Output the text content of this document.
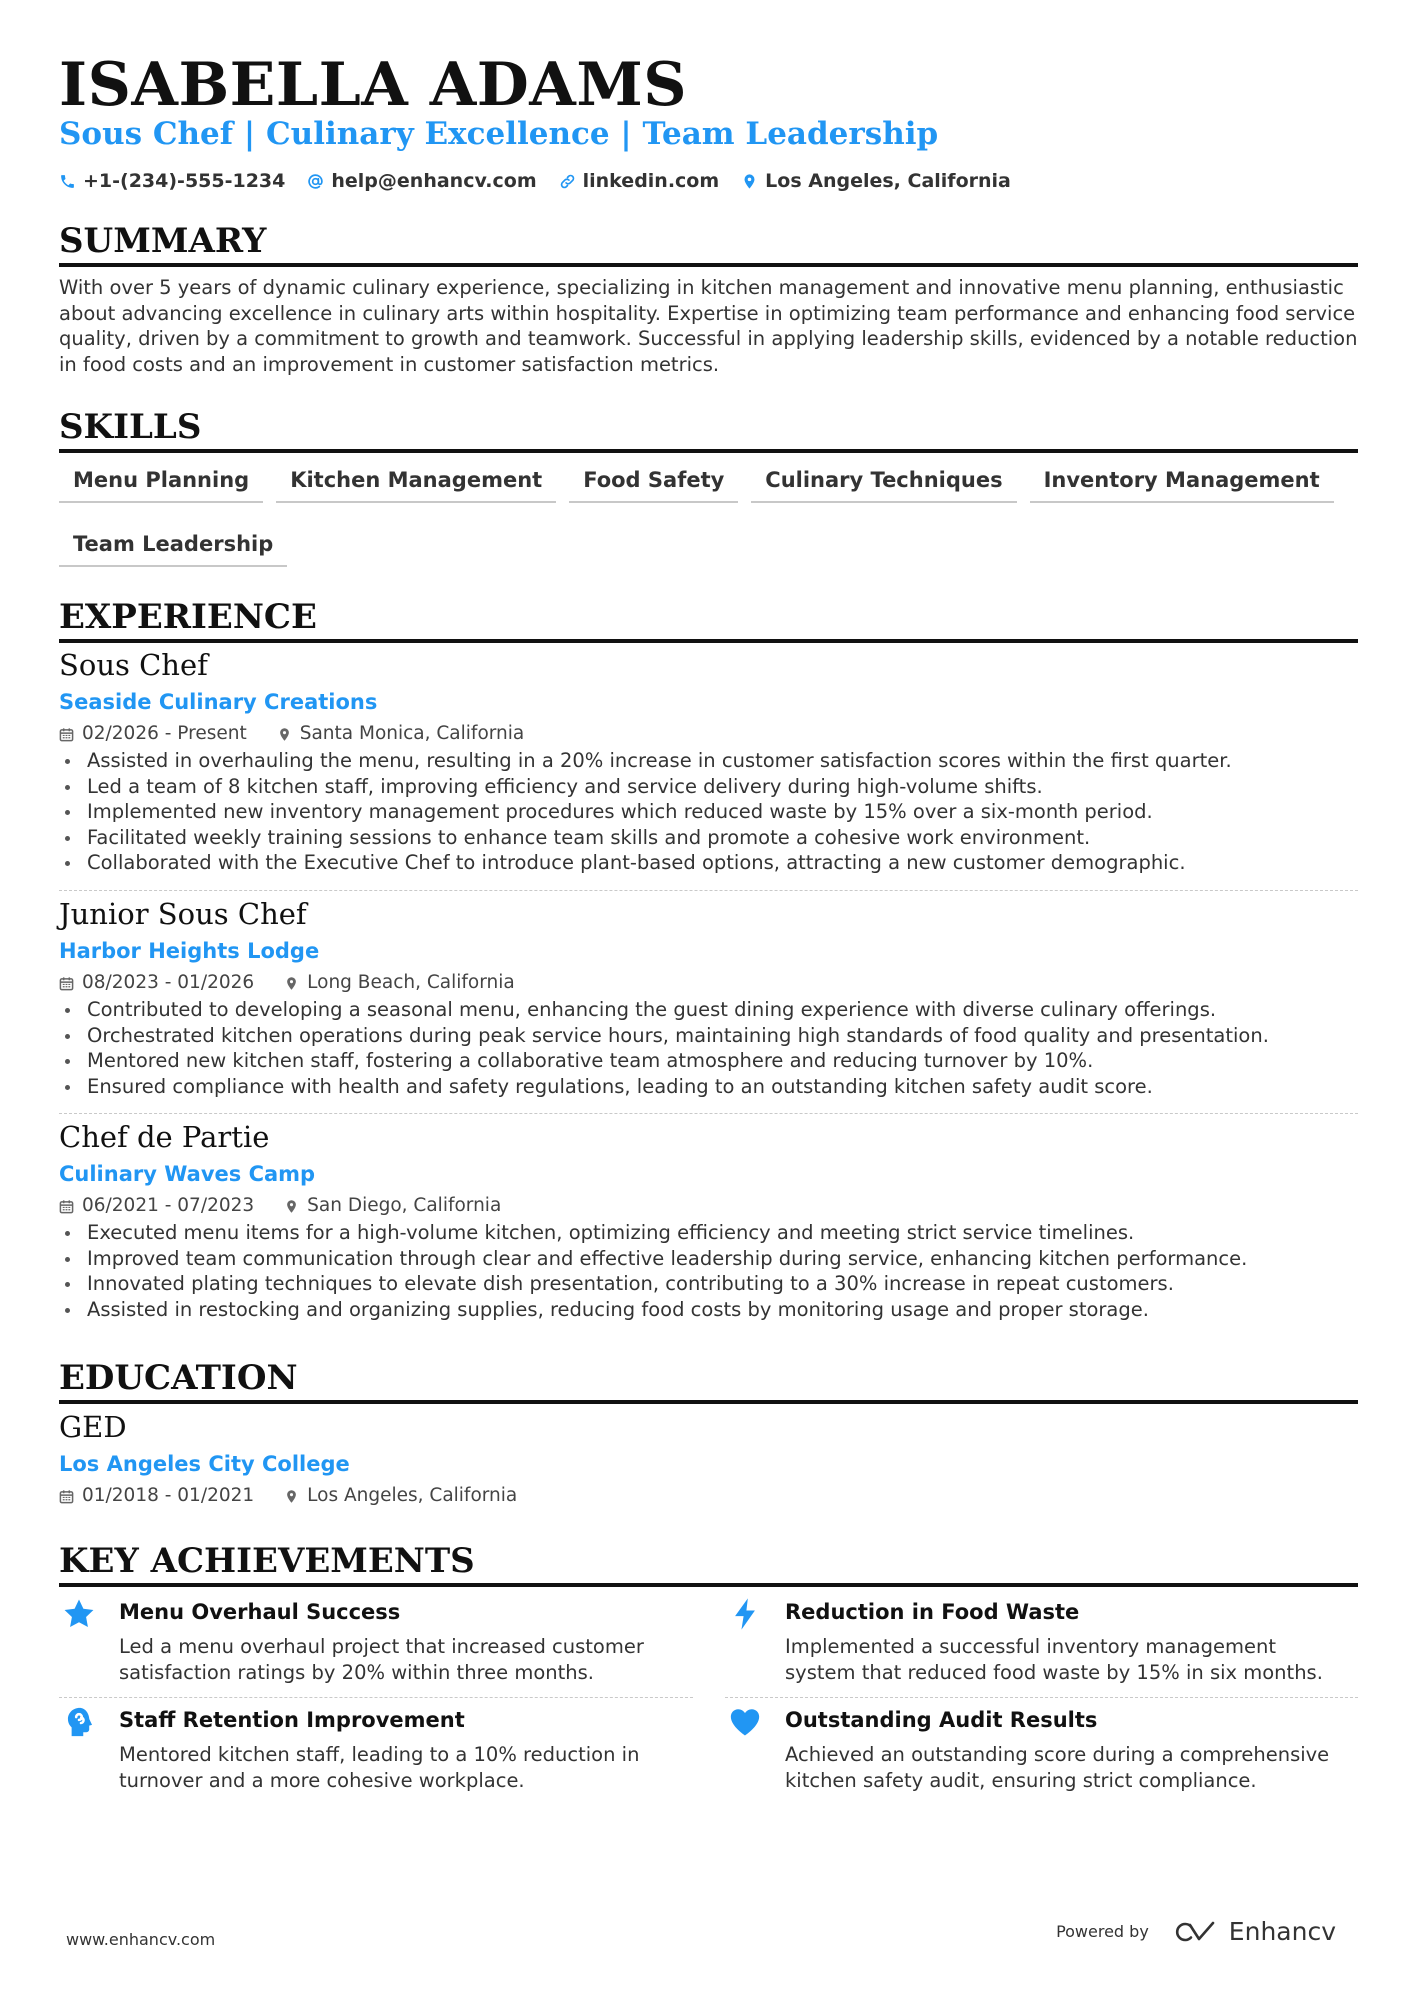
ISABELLA ADAMS
Sous Chef | Culinary Excellence | Team Leadership
+1-(234)-555-1234 help@enhancv.com linkedin.com Los Angeles, California
SUMMARY
With over 5 years of dynamic culinary experience, specializing in kitchen management and innovative menu planning, enthusiastic about advancing excellence in culinary arts within hospitality. Expertise in optimizing team performance and enhancing food service quality, driven by a commitment to growth and teamwork. Successful in applying leadership skills, evidenced by a notable reduction in food costs and an improvement in customer satisfaction metrics.
SKILLS
Menu Planning	Kitchen Management	Food Safety	Culinary Techniques	Inventory Management
Team Leadership
EXPERIENCE
Sous Chef
Seaside Culinary Creations
02/2026 - Present	Santa Monica, California
Assisted in overhauling the menu, resulting in a 20% increase in customer satisfaction scores within the first quarter.
Led a team of 8 kitchen staff, improving efficiency and service delivery during high-volume shifts.
Implemented new inventory management procedures which reduced waste by 15% over a six-month period.
Facilitated weekly training sessions to enhance team skills and promote a cohesive work environment.
Collaborated with the Executive Chef to introduce plant-based options, attracting a new customer demographic.
Junior Sous Chef
Harbor Heights Lodge
08/2023 - 01/2026	Long Beach, California
Contributed to developing a seasonal menu, enhancing the guest dining experience with diverse culinary offerings.
Orchestrated kitchen operations during peak service hours, maintaining high standards of food quality and presentation.
Mentored new kitchen staff, fostering a collaborative team atmosphere and reducing turnover by 10%.
Ensured compliance with health and safety regulations, leading to an outstanding kitchen safety audit score.
Chef de Partie
Culinary Waves Camp
06/2021 - 07/2023	San Diego, California
Executed menu items for a high-volume kitchen, optimizing efficiency and meeting strict service timelines.
Improved team communication through clear and effective leadership during service, enhancing kitchen performance.
Innovated plating techniques to elevate dish presentation, contributing to a 30% increase in repeat customers.
Assisted in restocking and organizing supplies, reducing food costs by monitoring usage and proper storage.
EDUCATION
GED
Los Angeles City College
01/2018 - 01/2021	Los Angeles, California
KEY ACHIEVEMENTS
Menu Overhaul Success
Led a menu overhaul project that increased customer satisfaction ratings by 20% within three months.
Reduction in Food Waste
Implemented a successful inventory management system that reduced food waste by 15% in six months.
Staff Retention Improvement
Mentored kitchen staff, leading to a 10% reduction in turnover and a more cohesive workplace.
Outstanding Audit Results
Achieved an outstanding score during a comprehensive kitchen safety audit, ensuring strict compliance.
www.enhancv.com	Powered by	Enhancv
